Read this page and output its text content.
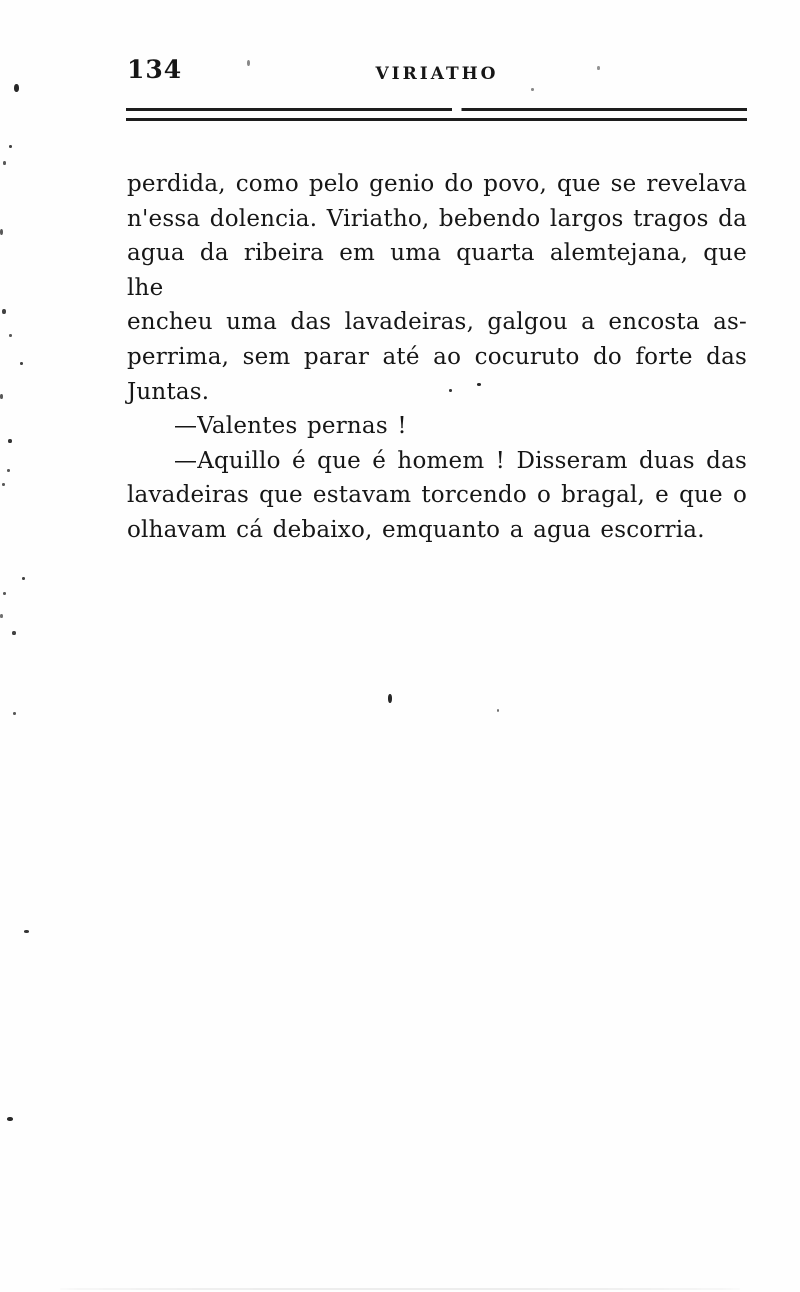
134	VIRIATHO
perdida, como pelo genio do povo, que se revelava
n'essa dolencia. Viriatho, bebendo largos tragos da
agua da ribeira em uma quarta alemtejana, que lhe
encheu uma das lavadeiras, galgou a encosta as-
perrima, sem parar até ao cocuruto do forte das
Juntas.
—Valentes pernas !
—Aquillo é que é homem ! Disseram duas das
lavadeiras que estavam torcendo o bragal, e que o
olhavam cá debaixo, emquanto a agua escorria.
